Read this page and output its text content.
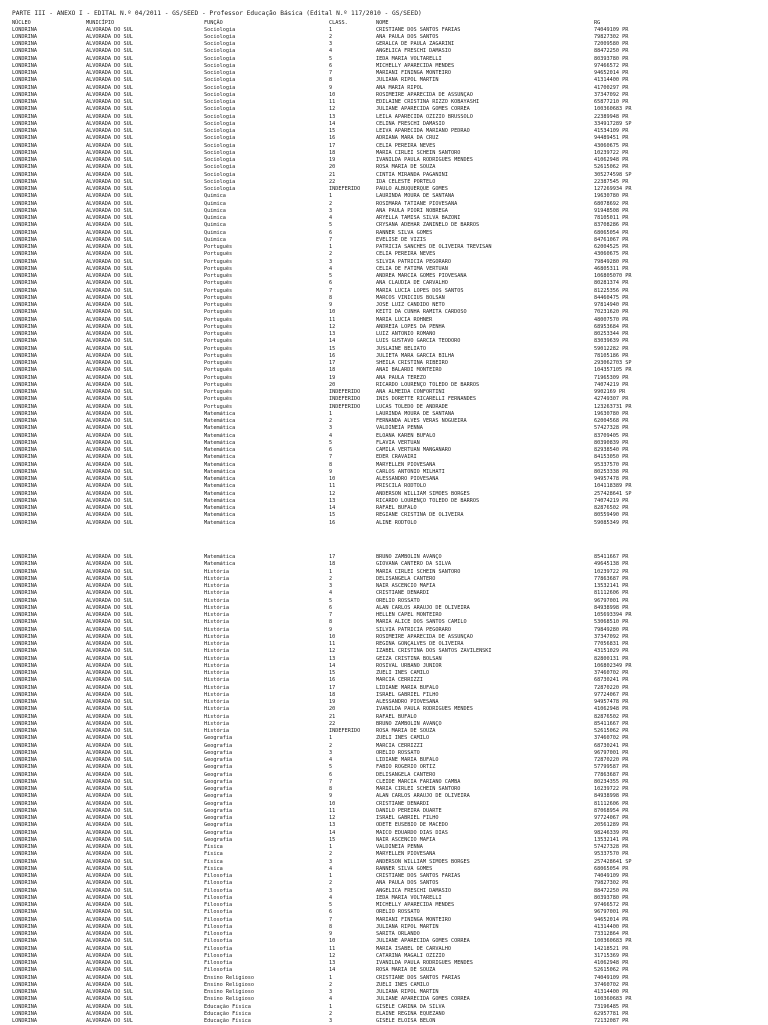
PARTE III - ANEXO I - EDITAL N.º 04/2011 - GS/SEED - Professor Educação Básica (Edital N.º 117/2010 - GS/SEED)
NÚCLEO	MUNICÍPIO	FUNÇÃO	CLASS.	NOME	RG
LONDRINA	ALVORADA DO SUL	Sociologia	1	CRISTIANE DOS SANTOS FARIAS	74049109 PR
LONDRINA	ALVORADA DO SUL	Sociologia	2	ANA PAULA DOS SANTOS	79827302 PR
LONDRINA	ALVORADA DO SUL	Sociologia	3	GERALCA DE PAULA ZAGARINI	72009580 PR
LONDRINA	ALVORADA DO SUL	Sociologia	4	ANGELICA FRESCHI DAMASIO	88472250 PR
LONDRINA	ALVORADA DO SUL	Sociologia	5	IEDA MARIA VOLTARELLI	80393780 PR
LONDRINA	ALVORADA DO SUL	Sociologia	6	MICHELLY APARECIDA MENDES	97466572 PR
LONDRINA	ALVORADA DO SUL	Sociologia	7	MARIANI FININGA MONTEIRO	94652014 PR
LONDRINA	ALVORADA DO SUL	Sociologia	8	JULIANA RIPOL MARTIN	41314400 PR
LONDRINA	ALVORADA DO SUL	Sociologia	9	ANA MARIA RIPOL	41700297 PR
LONDRINA	ALVORADA DO SUL	Sociologia	10	ROSIMEIRE APARECIDA DE ASSUNÇÃO	37347092 PR
LONDRINA	ALVORADA DO SUL	Sociologia	11	EDILAINE CRISTINA RIZZO KOBAYASHI	65877210 PR
LONDRINA	ALVORADA DO SUL	Sociologia	12	JULIANE APARECIDA GOMES CORREA	100360683 PR
LONDRINA	ALVORADA DO SUL	Sociologia	13	LEILA APARECIDA OZIZIO BRUSSOLO	22389948 PR
LONDRINA	ALVORADA DO SUL	Sociologia	14	CELINA FRESCHI DAMASIO	334917289 SP
LONDRINA	ALVORADA DO SUL	Sociologia	15	LEIVA APARECIDA MARIANO PEDRÃO	41534109 PR
LONDRINA	ALVORADA DO SUL	Sociologia	16	ADRIANA MARA DA CRUZ	94489451 PR
LONDRINA	ALVORADA DO SUL	Sociologia	17	CELIA PEREIRA NEVES	43060675 PR
LONDRINA	ALVORADA DO SUL	Sociologia	18	MARIA CIRLEI SCHEIN SANTORO	10239722 PR
LONDRINA	ALVORADA DO SUL	Sociologia	19	IVANILDA PAULA RODRIGUES MENDES	41062948 PR
LONDRINA	ALVORADA DO SUL	Sociologia	20	ROSA MARIA DE SOUZA	52615062 PR
LONDRINA	ALVORADA DO SUL	Sociologia	21	CINTIA MIRANDA PAGANINI	305274598 SP
LONDRINA	ALVORADA DO SUL	Sociologia	22	IDA CELESTE PORTELO	22387545 PR
LONDRINA	ALVORADA DO SUL	Sociologia	INDEFERIDO	PAULO ALBUQUERQUE GOMES	127269934 PR
LONDRINA	ALVORADA DO SUL	Química	1	LAURINDA MOURA DE SANTANA	19630780 PR
LONDRINA	ALVORADA DO SUL	Química	2	ROSIMARA TATIANE PIOVESANA	68078692 PR
LONDRINA	ALVORADA DO SUL	Química	3	ANA PAULA PIORI NOBREGA	91948508 PR
LONDRINA	ALVORADA DO SUL	Química	4	ARYELLA TÂMISA SILVA BAZONI	78105011 PR
LONDRINA	ALVORADA DO SUL	Química	5	CRYSANA ADEHAR ZANINELO DE BARROS	83708286 PR
LONDRINA	ALVORADA DO SUL	Química	6	RANNER SILVA GOMES	68065054 PR
LONDRINA	ALVORADA DO SUL	Química	7	EVELISE DE VIZIS	84761067 PR
LONDRINA	ALVORADA DO SUL	Português	1	PATRICIA SANCHES DE OLIVEIRA TREVISAN	62004525 PR
LONDRINA	ALVORADA DO SUL	Português	2	CELIA PEREIRA NEVES	43060675 PR
LONDRINA	ALVORADA DO SUL	Português	3	SILVIA PATRICIA PEGORARO	79849280 PR
LONDRINA	ALVORADA DO SUL	Português	4	CÉLIA DE FÁTIMA VERTUAN	46805311 PR
LONDRINA	ALVORADA DO SUL	Português	5	ANDREA MARCIA GOMES PIOVESANA	106805070 PR
LONDRINA	ALVORADA DO SUL	Português	6	ANA CLAUDIA DE CARVALHO	80281374 PR
LONDRINA	ALVORADA DO SUL	Português	7	MARIA LUCIA LOPES DOS SANTOS	81225356 PR
LONDRINA	ALVORADA DO SUL	Português	8	MARCOS VINICIUS BOLSAN	84460475 PR
LONDRINA	ALVORADA DO SUL	Português	9	JOSÉ LUIZ CANDIDO NETO	97814940 PR
LONDRINA	ALVORADA DO SUL	Português	10	KEITI DA CUNHA RAMITA CARDOSO	70231620 PR
LONDRINA	ALVORADA DO SUL	Português	11	MARIA LUCIA ROHNER	48007570 PR
LONDRINA	ALVORADA DO SUL	Português	12	ANDREIA LOPES DA PENHA	68953684 PR
LONDRINA	ALVORADA DO SUL	Português	13	LUIZ ANTONIO ROMANO	80253344 PR
LONDRINA	ALVORADA DO SUL	Português	14	LUIS GUSTAVO GARCIA TEODORO	83039639 PR
LONDRINA	ALVORADA DO SUL	Português	15	JUSLAINE BELIATO	59012282 PR
LONDRINA	ALVORADA DO SUL	Português	16	JULIETA MARA GARCIA BILHA	78105186 PR
LONDRINA	ALVORADA DO SUL	Português	17	SHEILA CRISTINA RIBEIRO	293062703 SP
LONDRINA	ALVORADA DO SUL	Português	18	ANAI BALARDI MONTEIRO	104357105 PR
LONDRINA	ALVORADA DO SUL	Português	19	ANA PAULA TEREZO	71965309 PR
LONDRINA	ALVORADA DO SUL	Português	20	RICARDO LOURENÇO TOLEDO DE BARROS	74074219 PR
LONDRINA	ALVORADA DO SUL	Português	INDEFERIDO	ANA ALMEIDA CONFORTINI	9902169 PR
LONDRINA	ALVORADA DO SUL	Português	INDEFERIDO	INIS DORETTE RICARELLI FERNANDES	42749307 PR
LONDRINA	ALVORADA DO SUL	Português	INDEFERIDO	LUCAS TOLEDO DE ANDRADE	123263731 PR
LONDRINA	ALVORADA DO SUL	Matemática	1	LAURINDA MOURA DE SANTANA	19630780 PR
LONDRINA	ALVORADA DO SUL	Matemática	2	FERNANDA ALVES VERAS NOGUEIRA	62004568 PR
LONDRINA	ALVORADA DO SUL	Matemática	3	VALDINEIA PENNA	57427328 PR
LONDRINA	ALVORADA DO SUL	Matemática	4	ELOANA KAREN BUFALO	83709405 PR
LONDRINA	ALVORADA DO SUL	Matemática	5	FLÁVIA VERTUAN	80390839 PR
LONDRINA	ALVORADA DO SUL	Matemática	6	CAMILA VERTUAN MANGANARO	82938540 PR
LONDRINA	ALVORADA DO SUL	Matemática	7	EDER CRAVAIRI	84153050 PR
LONDRINA	ALVORADA DO SUL	Matemática	8	MARYELLEN PIOVESANA	95337570 PR
LONDRINA	ALVORADA DO SUL	Matemática	9	CARLOS ANTONIO MILHATI	80253338 PR
LONDRINA	ALVORADA DO SUL	Matemática	10	ALESSANDRO PIOVESANA	94957478 PR
LONDRINA	ALVORADA DO SUL	Matemática	11	PRISCILA RODTOLO	104118389 PR
LONDRINA	ALVORADA DO SUL	Matemática	12	ANDERSON WILLIAM SIMÕES BORGES	257428641 SP
LONDRINA	ALVORADA DO SUL	Matemática	13	RICARDO LOURENÇO TOLEDO DE BARROS	74074219 PR
LONDRINA	ALVORADA DO SUL	Matemática	14	RAFAEL BUFALO	82876502 PR
LONDRINA	ALVORADA DO SUL	Matemática	15	REGIANE CRISTINA DE OLIVEIRA	80559490 PR
LONDRINA	ALVORADA DO SUL	Matemática	16	ALINE RODTOLO	59085349 PR
LONDRINA	ALVORADA DO SUL	Matemática	17	BRUNO ZAMBOLIN AVANÇO	85411667 PR
LONDRINA	ALVORADA DO SUL	Matemática	18	GIOVANA CANTERO DA SILVA	49645138 PR
LONDRINA	ALVORADA DO SUL	História	1	MARIA CIRLEI SCHEIN SANTORO	10239722 PR
LONDRINA	ALVORADA DO SUL	História	2	DELISÂNGELA CANTERO	77863687 PR
LONDRINA	ALVORADA DO SUL	História	3	NAIR ASCENCIO MAFIA	13532141 PR
LONDRINA	ALVORADA DO SUL	História	4	CRISTIANE DENARDI	81112606 PR
LONDRINA	ALVORADA DO SUL	História	5	ORÉLIO ROSSATO	96797001 PR
LONDRINA	ALVORADA DO SUL	História	6	ALAN CARLOS ARAÚJO DE OLIVEIRA	84938998 PR
LONDRINA	ALVORADA DO SUL	História	7	HELLEN CAPEL MONTEIRO	105693394 PR
LONDRINA	ALVORADA DO SUL	História	8	MARIA ALICE DOS SANTOS CAMILO	53068510 PR
LONDRINA	ALVORADA DO SUL	História	9	SILVIA PATRICIA PEGORARO	79849280 PR
LONDRINA	ALVORADA DO SUL	História	10	ROSIMEIRE APARECIDA DE ASSUNÇÃO	37347092 PR
LONDRINA	ALVORADA DO SUL	História	11	REGINA GONÇALVES DE OLIVEIRA	77056831 PR
LONDRINA	ALVORADA DO SUL	História	12	IZABEL CRISTINA DOS SANTOS ZAVILENSKI	43151029 PR
LONDRINA	ALVORADA DO SUL	História	13	GEIZA CRISTINA BOLSAN	82800131 PR
LONDRINA	ALVORADA DO SUL	História	14	ROSIVAL URBANO JUNIOR	106802349 PR
LONDRINA	ALVORADA DO SUL	História	15	ZUELI INES CAMILO	37460702 PR
LONDRINA	ALVORADA DO SUL	História	16	MARCIA CERRIZZI	68730241 PR
LONDRINA	ALVORADA DO SUL	História	17	LIDIANE MARIA BUFALO	72870220 PR
LONDRINA	ALVORADA DO SUL	História	18	ISRAEL GABRIEL FILHO	97724067 PR
LONDRINA	ALVORADA DO SUL	História	19	ALESSANDRO PIOVESANA	94957478 PR
LONDRINA	ALVORADA DO SUL	História	20	IVANILDA PAULA RODRIGUES MENDES	41062948 PR
LONDRINA	ALVORADA DO SUL	História	21	RAFAEL BUFALO	82876502 PR
LONDRINA	ALVORADA DO SUL	História	22	BRUNO ZAMBOLIN AVANÇO	85411667 PR
LONDRINA	ALVORADA DO SUL	História	INDEFERIDO	ROSA MARIA DE SOUZA	52615062 PR
LONDRINA	ALVORADA DO SUL	Geografia	1	ZUELI INES CAMILO	37460702 PR
LONDRINA	ALVORADA DO SUL	Geografia	2	MARCIA CERRIZZI	68730241 PR
LONDRINA	ALVORADA DO SUL	Geografia	3	ORÉLIO ROSSATO	96797001 PR
LONDRINA	ALVORADA DO SUL	Geografia	4	LIDIANE MARIA BUFALO	72870220 PR
LONDRINA	ALVORADA DO SUL	Geografia	5	FÁBIO ROGÉRIO ORTIZ	57799587 PR
LONDRINA	ALVORADA DO SUL	Geografia	6	DELISÂNGELA CANTERO	77863687 PR
LONDRINA	ALVORADA DO SUL	Geografia	7	CLEIDE MARCIA FARIANO CAMBA	80234355 PR
LONDRINA	ALVORADA DO SUL	Geografia	8	MARIA CIRLEI SCHEIN SANTORO	10239722 PR
LONDRINA	ALVORADA DO SUL	Geografia	9	ALAN CARLOS ARAÚJO DE OLIVEIRA	84938998 PR
LONDRINA	ALVORADA DO SUL	Geografia	10	CRISTIANE DENARDI	81112606 PR
LONDRINA	ALVORADA DO SUL	Geografia	11	DANILO PEREIRA DUARTE	87068954 PR
LONDRINA	ALVORADA DO SUL	Geografia	12	ISRAEL GABRIEL FILHO	97724067 PR
LONDRINA	ALVORADA DO SUL	Geografia	13	ODETE EUSEBIO DE MACEDO	20561289 PR
LONDRINA	ALVORADA DO SUL	Geografia	14	MAICO EDUARDO DIAS DIAS	98246339 PR
LONDRINA	ALVORADA DO SUL	Geografia	15	NAIR ASCENCIO MAFIA	13532141 PR
LONDRINA	ALVORADA DO SUL	Física	1	VALDINEIA PENNA	57427328 PR
LONDRINA	ALVORADA DO SUL	Física	2	MARYELLEN PIOVESANA	95337570 PR
LONDRINA	ALVORADA DO SUL	Física	3	ANDERSON WILLIAM SIMÕES BORGES	257428641 SP
LONDRINA	ALVORADA DO SUL	Física	4	RANNER SILVA GOMES	68065054 PR
LONDRINA	ALVORADA DO SUL	Filosofia	1	CRISTIANE DOS SANTOS FARIAS	74049109 PR
LONDRINA	ALVORADA DO SUL	Filosofia	2	ANA PAULA DOS SANTOS	79827302 PR
LONDRINA	ALVORADA DO SUL	Filosofia	3	ANGELICA FRESCHI DAMASIO	88472250 PR
LONDRINA	ALVORADA DO SUL	Filosofia	4	IEDA MARIA VOLTARELLI	80393780 PR
LONDRINA	ALVORADA DO SUL	Filosofia	5	MICHELLY APARECIDA MENDES	97466572 PR
LONDRINA	ALVORADA DO SUL	Filosofia	6	ORÉLIO ROSSATO	96797001 PR
LONDRINA	ALVORADA DO SUL	Filosofia	7	MARIANI FININGA MONTEIRO	94652014 PR
LONDRINA	ALVORADA DO SUL	Filosofia	8	JULIANA RIPOL MARTIN	41314400 PR
LONDRINA	ALVORADA DO SUL	Filosofia	9	SARITA ORLANDO	73312864 PR
LONDRINA	ALVORADA DO SUL	Filosofia	10	JULIANE APARECIDA GOMES CORREA	100360683 PR
LONDRINA	ALVORADA DO SUL	Filosofia	11	MARIA ISABEL DE CARVALHO	14218521 PR
LONDRINA	ALVORADA DO SUL	Filosofia	12	CATARINA MAGALI OZIZIO	31715369 PR
LONDRINA	ALVORADA DO SUL	Filosofia	13	IVANILDA PAULA RODRIGUES MENDES	41062948 PR
LONDRINA	ALVORADA DO SUL	Filosofia	14	ROSA MARIA DE SOUZA	52615062 PR
LONDRINA	ALVORADA DO SUL	Ensino Religioso	1	CRISTIANE DOS SANTOS FARIAS	74049109 PR
LONDRINA	ALVORADA DO SUL	Ensino Religioso	2	ZUELI INES CAMILO	37460702 PR
LONDRINA	ALVORADA DO SUL	Ensino Religioso	3	JULIANA RIPOL MARTIN	41314400 PR
LONDRINA	ALVORADA DO SUL	Ensino Religioso	4	JULIANE APARECIDA GOMES CORREA	100360683 PR
LONDRINA	ALVORADA DO SUL	Educação Física	1	GISELE CARINA DA SILVA	73196485 PR
LONDRINA	ALVORADA DO SUL	Educação Física	2	ELAINE REGINA EQUEZANO	62957781 PR
LONDRINA	ALVORADA DO SUL	Educação Física	3	GISELE ELOISA BELON	72132087 PR
